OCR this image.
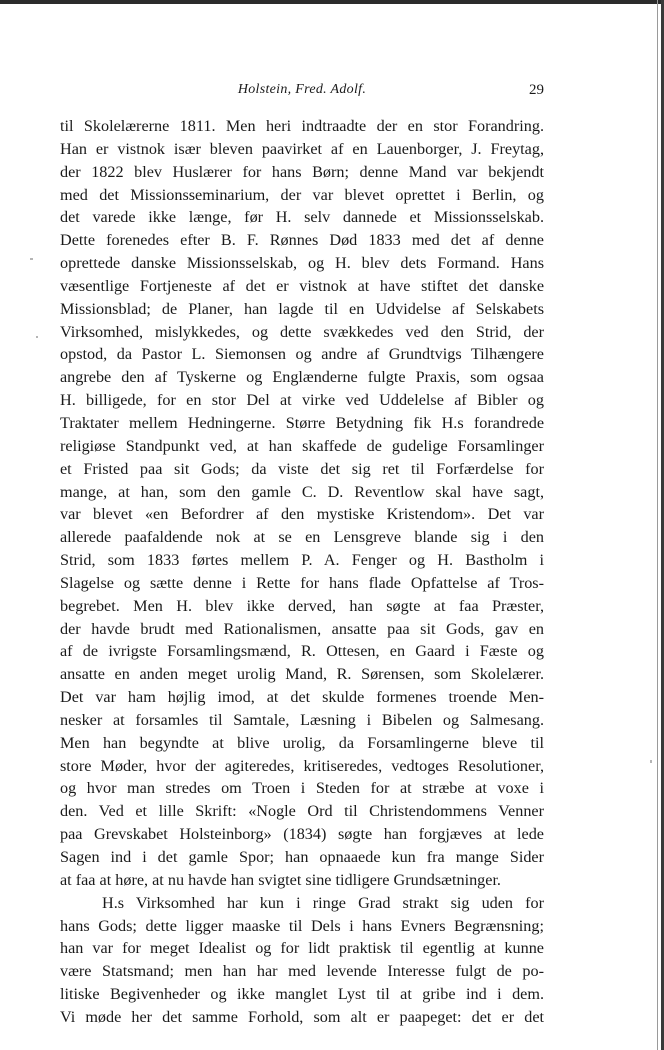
Holstein, Fred. Adolf.	29
til Skolelærerne 1811. Men heri indtraadte der en stor Forandring.
Han er vistnok især bleven paavirket af en Lauenborger, J. Freytag,
der 1822 blev Huslærer for hans Børn; denne Mand var bekjendt
med det Missionsseminarium, der var blevet oprettet i Berlin, og
det varede ikke længe, før H. selv dannede et Missionsselskab.
Dette forenedes efter B. F. Rønnes Død 1833 med det af denne
oprettede danske Missionsselskab, og H. blev dets Formand. Hans
væsentlige Fortjeneste af det er vistnok at have stiftet det danske
Missionsblad; de Planer, han lagde til en Udvidelse af Selskabets
Virksomhed, mislykkedes, og dette svækkedes ved den Strid, der
opstod, da Pastor L. Siemonsen og andre af Grundtvigs Tilhængere
angrebe den af Tyskerne og Englænderne fulgte Praxis, som ogsaa
H. billigede, for en stor Del at virke ved Uddelelse af Bibler og
Traktater mellem Hedningerne. Større Betydning fik H.s forandrede
religiøse Standpunkt ved, at han skaffede de gudelige Forsamlinger
et Fristed paa sit Gods; da viste det sig ret til Forfærdelse for
mange, at han, som den gamle C. D. Reventlow skal have sagt,
var blevet «en Befordrer af den mystiske Kristendom». Det var
allerede paafaldende nok at se en Lensgreve blande sig i den
Strid, som 1833 førtes mellem P. A. Fenger og H. Bastholm i
Slagelse og sætte denne i Rette for hans flade Opfattelse af Tros-
begrebet. Men H. blev ikke derved, han søgte at faa Præster,
der havde brudt med Rationalismen, ansatte paa sit Gods, gav en
af de ivrigste Forsamlingsmænd, R. Ottesen, en Gaard i Fæste og
ansatte en anden meget urolig Mand, R. Sørensen, som Skolelærer.
Det var ham højlig imod, at det skulde formenes troende Men-
nesker at forsamles til Samtale, Læsning i Bibelen og Salmesang.
Men han begyndte at blive urolig, da Forsamlingerne bleve til
store Møder, hvor der agiteredes, kritiseredes, vedtoges Resolutioner,
og hvor man stredes om Troen i Steden for at stræbe at voxe i
den. Ved et lille Skrift: «Nogle Ord til Christendommens Venner
paa Grevskabet Holsteinborg» (1834) søgte han forgjæves at lede
Sagen ind i det gamle Spor; han opnaaede kun fra mange Sider
at faa at høre, at nu havde han svigtet sine tidligere Grundsætninger.
H.s Virksomhed har kun i ringe Grad strakt sig uden for
hans Gods; dette ligger maaske til Dels i hans Evners Begrænsning;
han var for meget Idealist og for lidt praktisk til egentlig at kunne
være Statsmand; men han har med levende Interesse fulgt de po-
litiske Begivenheder og ikke manglet Lyst til at gribe ind i dem.
Vi møde her det samme Forhold, som alt er paapeget: det er det
